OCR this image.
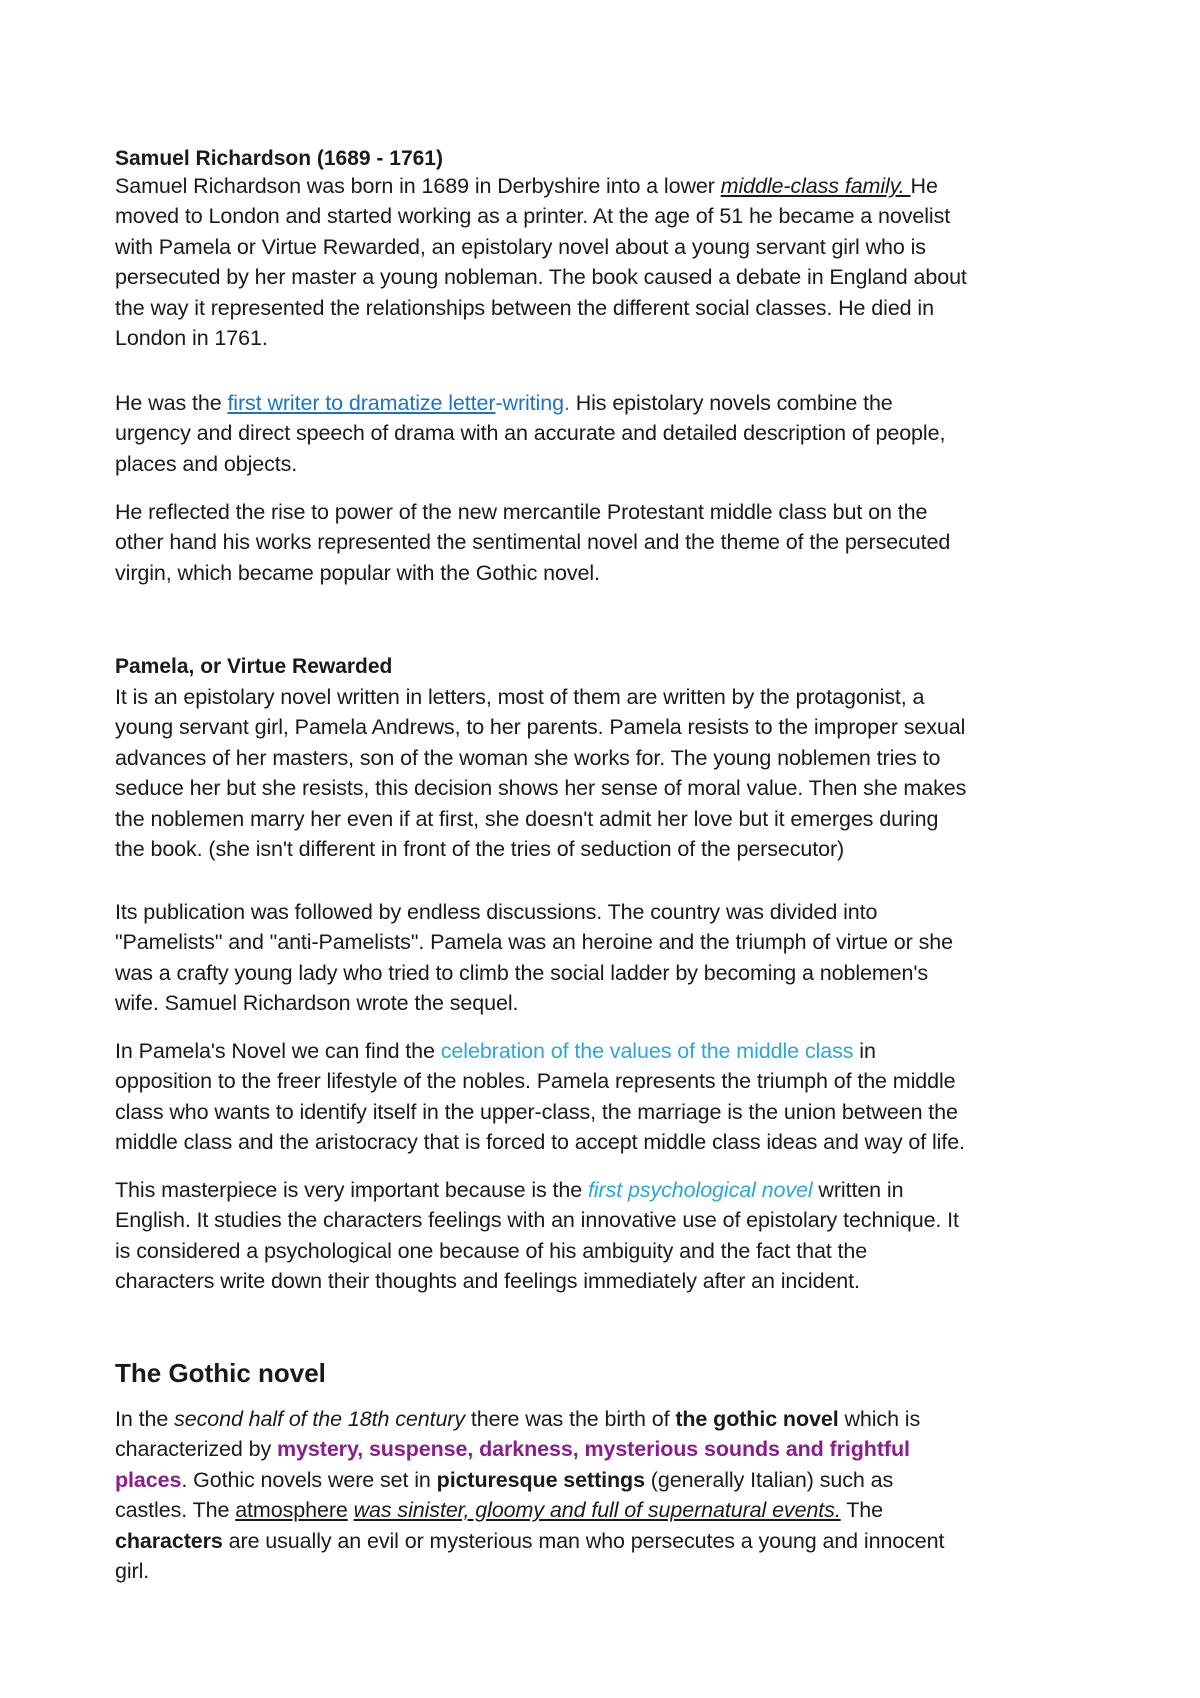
Samuel Richardson (1689 - 1761)
Samuel Richardson was born in 1689 in Derbyshire into a lower middle-class family. He
moved to London and started working as a printer. At the age of 51 he became a novelist
with Pamela or Virtue Rewarded, an epistolary novel about a young servant girl who is
persecuted by her master a young nobleman. The book caused a debate in England about
the way it represented the relationships between the different social classes. He died in
London in 1761.
He was the first writer to dramatize letter-writing. His epistolary novels combine the
urgency and direct speech of drama with an accurate and detailed description of people,
places and objects.
He reflected the rise to power of the new mercantile Protestant middle class but on the
other hand his works represented the sentimental novel and the theme of the persecuted
virgin, which became popular with the Gothic novel.
Pamela, or Virtue Rewarded
It is an epistolary novel written in letters, most of them are written by the protagonist, a
young servant girl, Pamela Andrews, to her parents. Pamela resists to the improper sexual
advances of her masters, son of the woman she works for. The young noblemen tries to
seduce her but she resists, this decision shows her sense of moral value. Then she makes
the noblemen marry her even if at first, she doesn't admit her love but it emerges during
the book. (she isn't different in front of the tries of seduction of the persecutor)
Its publication was followed by endless discussions. The country was divided into
"Pamelists" and "anti-Pamelists". Pamela was an heroine and the triumph of virtue or she
was a crafty young lady who tried to climb the social ladder by becoming a noblemen's
wife. Samuel Richardson wrote the sequel.
In Pamela's Novel we can find the celebration of the values of the middle class in
opposition to the freer lifestyle of the nobles. Pamela represents the triumph of the middle
class who wants to identify itself in the upper-class, the marriage is the union between the
middle class and the aristocracy that is forced to accept middle class ideas and way of life.
This masterpiece is very important because is the first psychological novel written in
English. It studies the characters feelings with an innovative use of epistolary technique. It
is considered a psychological one because of his ambiguity and the fact that the
characters write down their thoughts and feelings immediately after an incident.
The Gothic novel
In the second half of the 18th century there was the birth of the gothic novel which is
characterized by mystery, suspense, darkness, mysterious sounds and frightful
places. Gothic novels were set in picturesque settings (generally Italian) such as
castles. The atmosphere was sinister, gloomy and full of supernatural events. The
characters are usually an evil or mysterious man who persecutes a young and innocent
girl.
